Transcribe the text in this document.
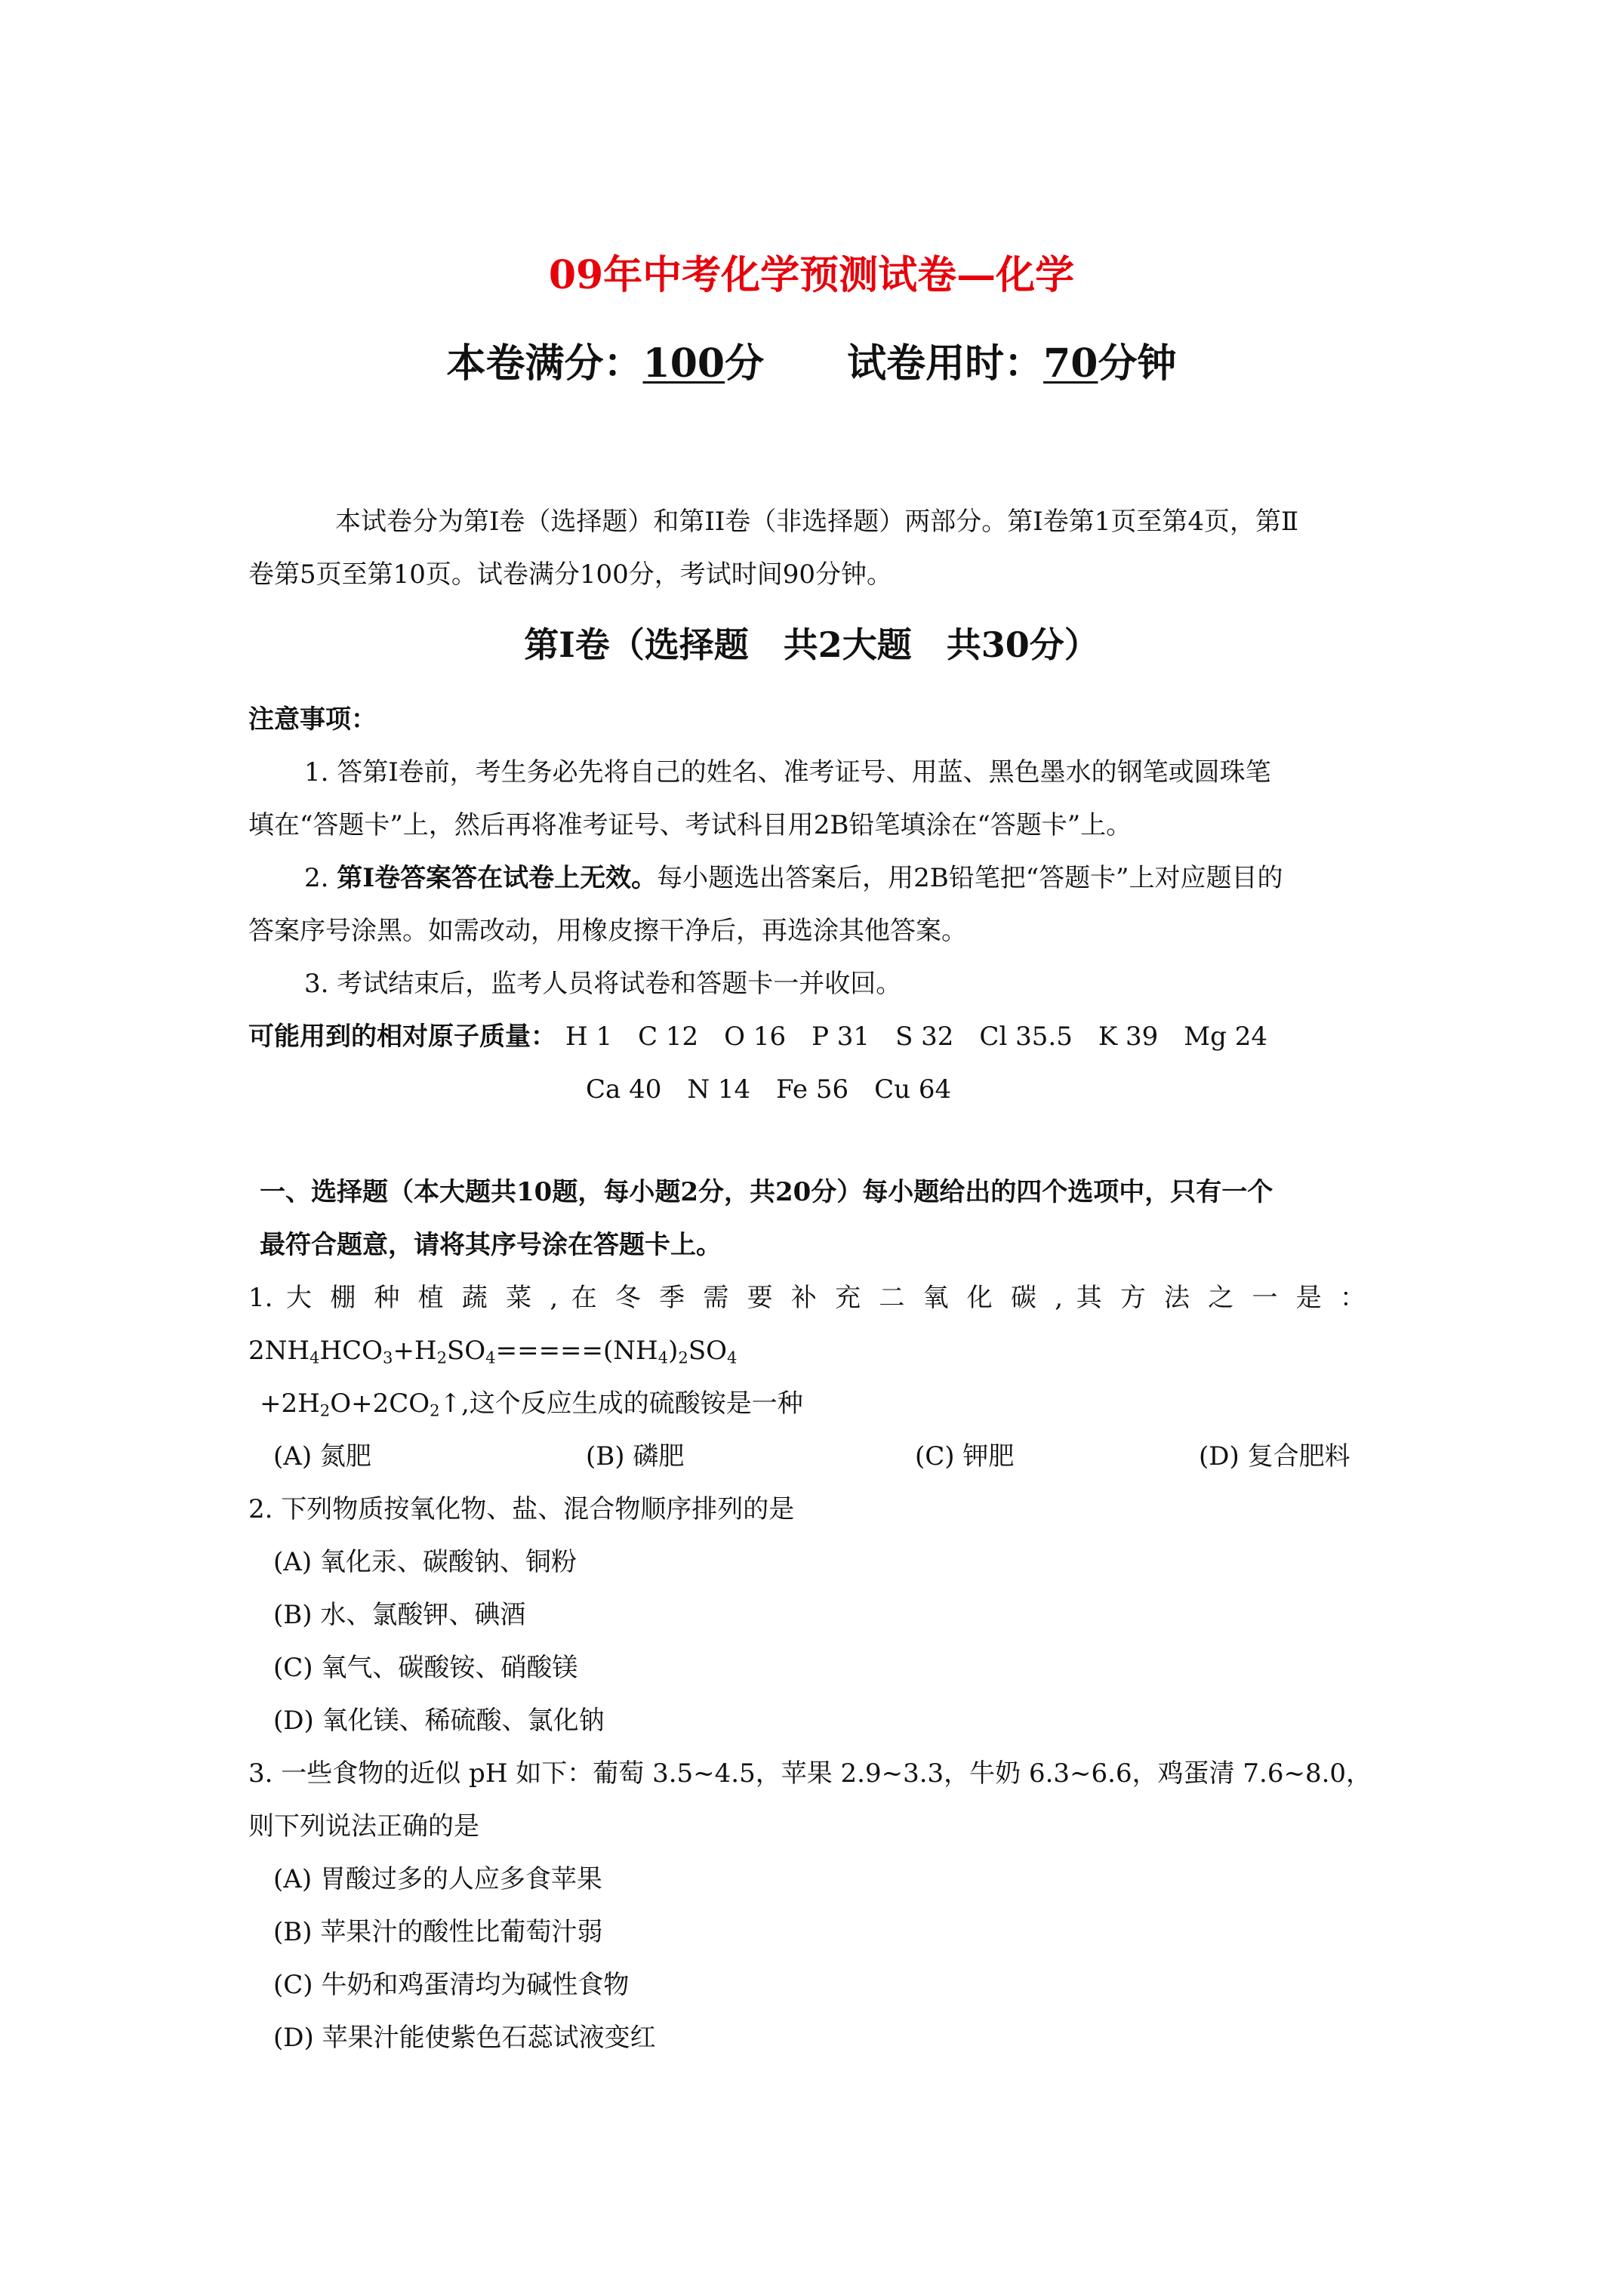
09年中考化学预测试卷—化学
本卷满分：100分 试卷用时：70分钟
本试卷分为第I卷（选择题）和第II卷（非选择题）两部分。第Ⅰ卷第1页至第4页，第Ⅱ
卷第5页至第10页。试卷满分100分，考试时间90分钟。
第I卷（选择题　共2大题　共30分）
注意事项：
1. 答第I卷前，考生务必先将自己的姓名、准考证号、用蓝、黑色墨水的钢笔或圆珠笔
填在“答题卡”上，然后再将准考证号、考试科目用2B铅笔填涂在“答题卡”上。
2. 第I卷答案答在试卷上无效。每小题选出答案后，用2B铅笔把“答题卡”上对应题目的
答案序号涂黑。如需改动，用橡皮擦干净后，再选涂其他答案。
3. 考试结束后，监考人员将试卷和答题卡一并收回。
可能用到的相对原子质量： H 1　C 12　O 16　P 31　S 32　Cl 35.5　K 39　Mg 24
Ca 40　N 14　Fe 56　Cu 64
一、选择题（本大题共10题，每小题2分，共20分）每小题给出的四个选项中，只有一个
最符合题意，请将其序号涂在答题卡上。
1. 大 棚 种 植 蔬 菜 , 在 冬 季 需 要 补 充 二 氧 化 碳 , 其 方 法 之 一 是 ：
$2NH_4HCO_3+H_2SO_4=====(NH_4)_2SO_4$
$+2H_2O+2CO_2↑$,这个反应生成的硫酸铵是一种
(A) 氮肥	(B) 磷肥	(C) 钾肥	(D) 复合肥料
2. 下列物质按氧化物、盐、混合物顺序排列的是
(A) 氧化汞、碳酸钠、铜粉
(B) 水、氯酸钾、碘酒
(C) 氧气、碳酸铵、硝酸镁
(D) 氧化镁、稀硫酸、氯化钠
3. 一些食物的近似 pH 如下：葡萄 3.5~4.5，苹果 2.9~3.3，牛奶 6.3~6.6，鸡蛋清 7.6~8.0，
则下列说法正确的是
(A) 胃酸过多的人应多食苹果
(B) 苹果汁的酸性比葡萄汁弱
(C) 牛奶和鸡蛋清均为碱性食物
(D) 苹果汁能使紫色石蕊试液变红
